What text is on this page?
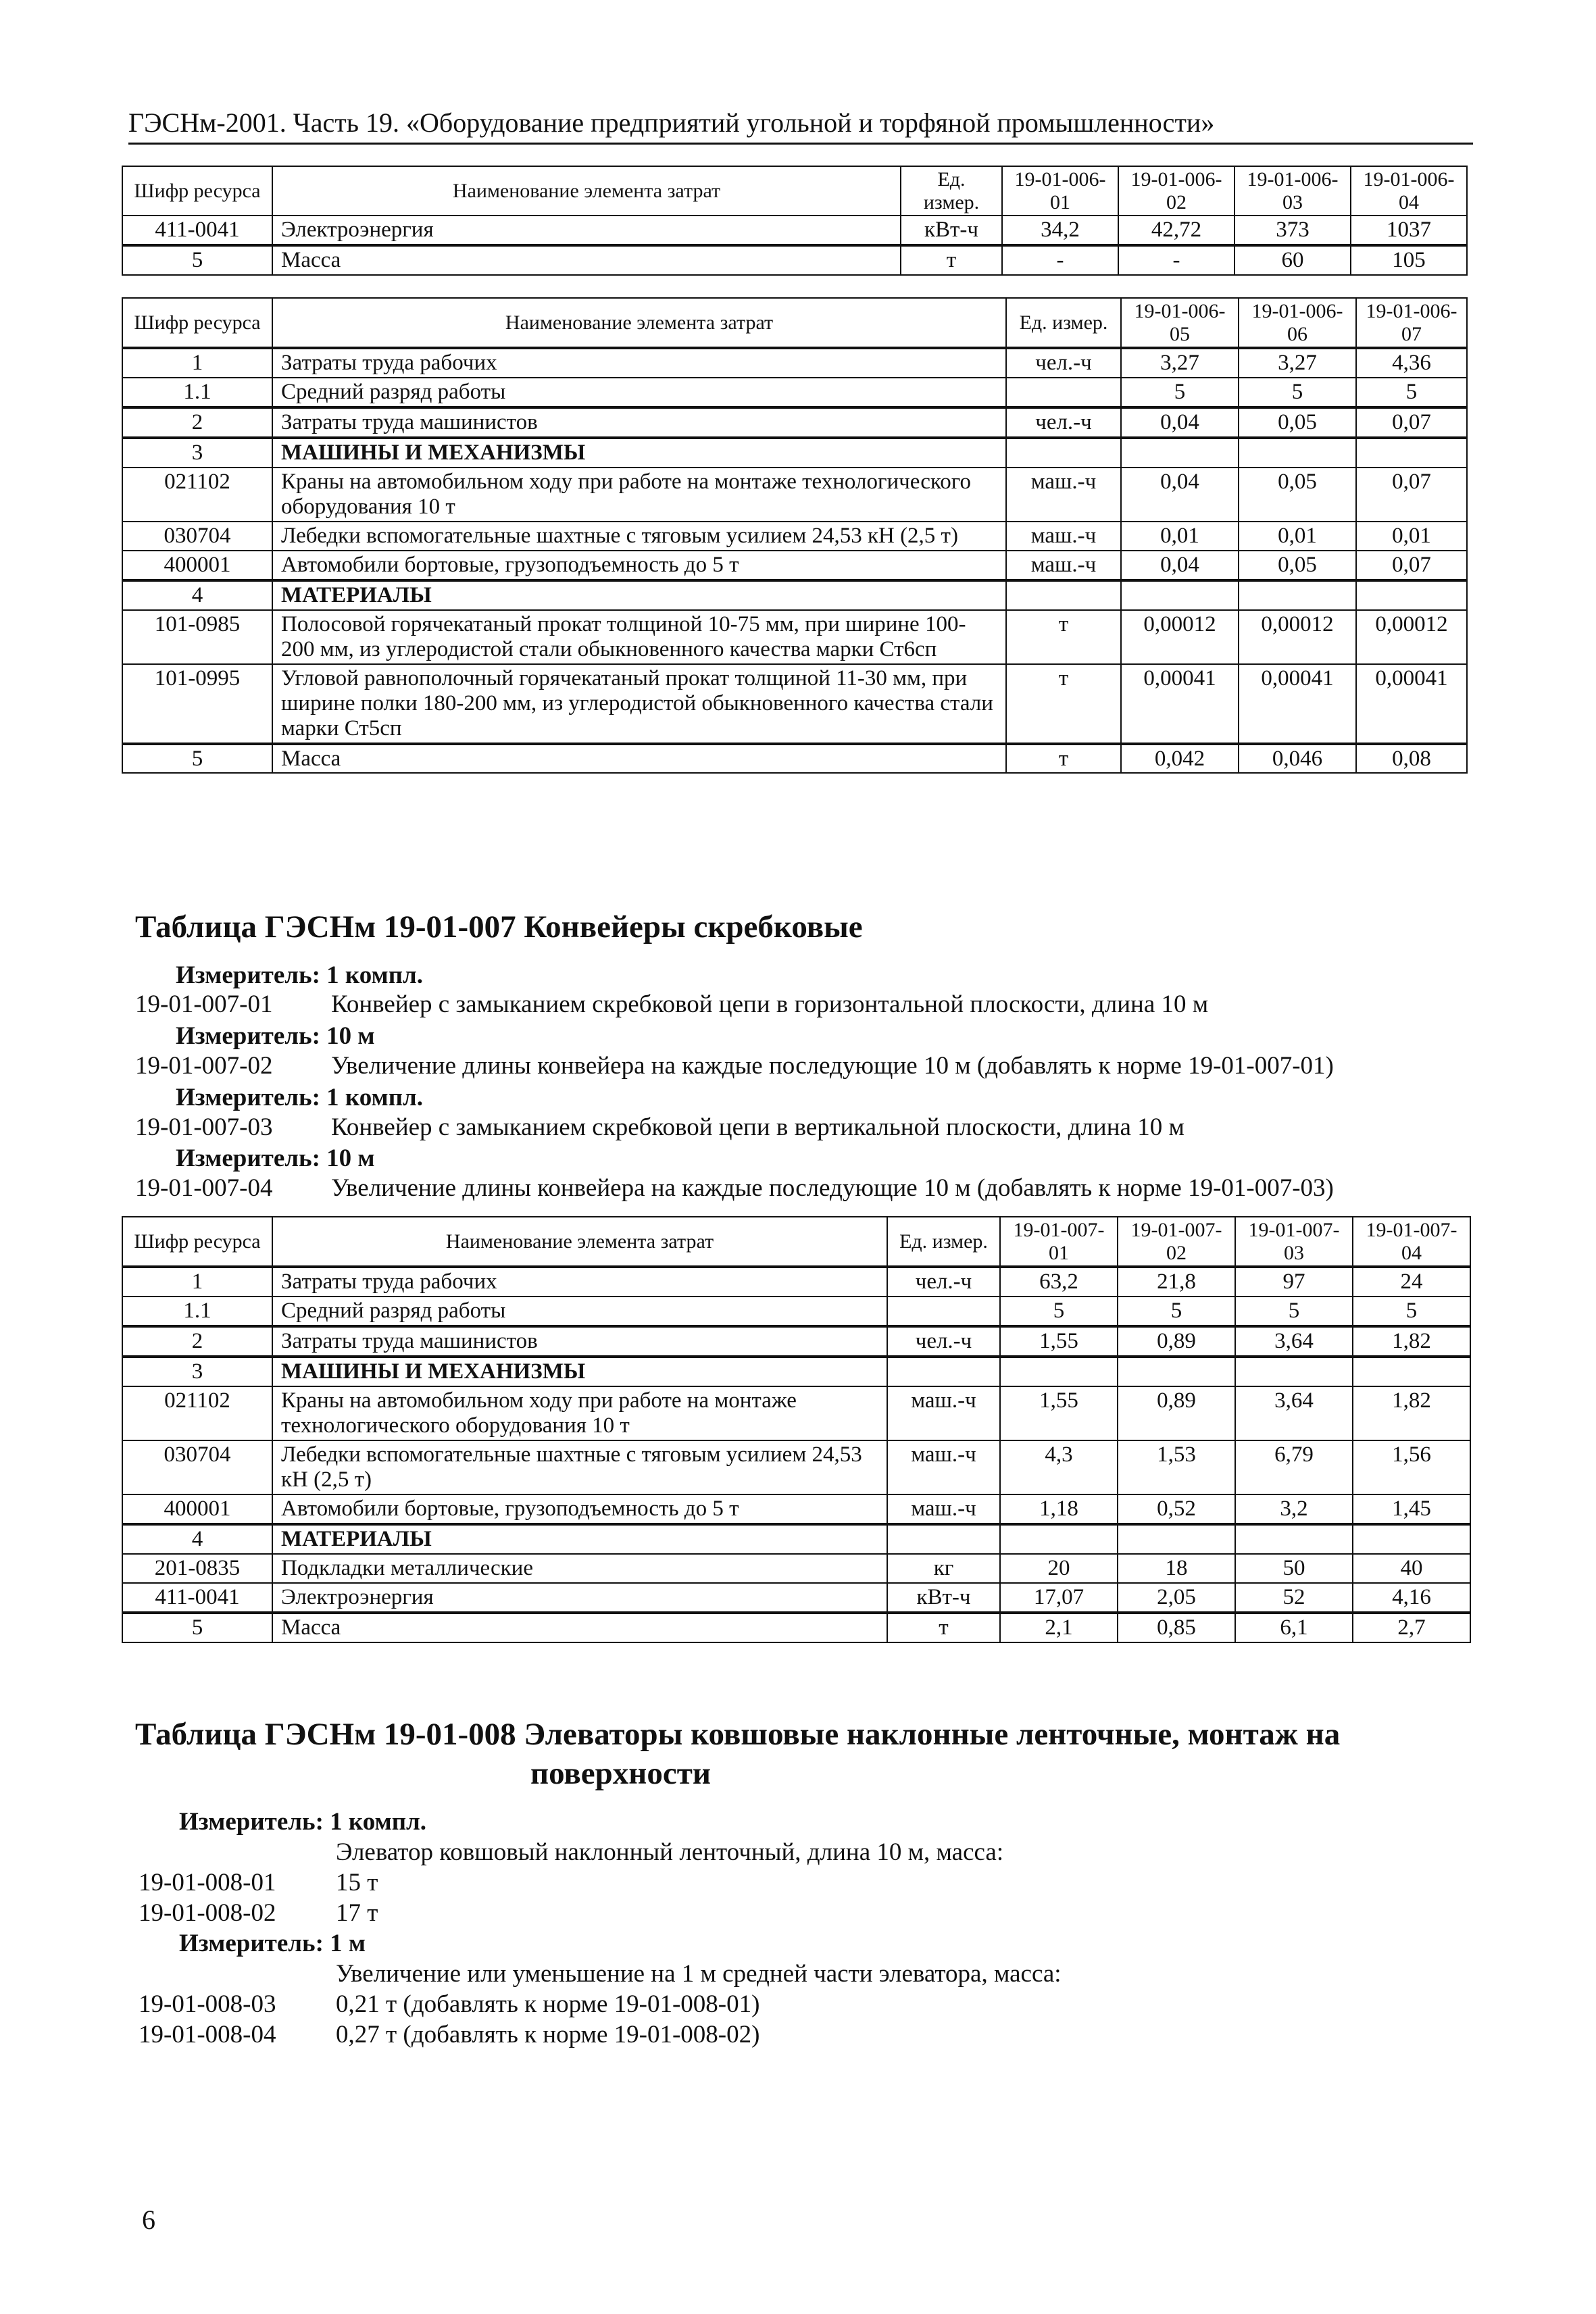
ГЭСНм-2001. Часть 19. «Оборудование предприятий угольной и торфяной промышленности»
Шифр ресурса	Наименование элемента затрат	Ед. измер.	19-01-006-01	19-01-006-02	19-01-006-03	19-01-006-04
411-0041	Электроэнергия	кВт-ч	34,2	42,72	373	1037
5	Масса	т	-	-	60	105
Шифр ресурса	Наименование элемента затрат	Ед. измер.	19-01-006-05	19-01-006-06	19-01-006-07
1	Затраты труда рабочих	чел.-ч	3,27	3,27	4,36
1.1	Средний разряд работы		5	5	5
2	Затраты труда машинистов	чел.-ч	0,04	0,05	0,07
3	МАШИНЫ И МЕХАНИЗМЫ				
021102	Краны на автомобильном ходу при работе на монтаже технологического оборудования 10 т	маш.-ч	0,04	0,05	0,07
030704	Лебедки вспомогательные шахтные с тяговым усилием 24,53 кН (2,5 т)	маш.-ч	0,01	0,01	0,01
400001	Автомобили бортовые, грузоподъемность до 5 т	маш.-ч	0,04	0,05	0,07
4	МАТЕРИАЛЫ				
101-0985	Полосовой горячекатаный прокат толщиной 10-75 мм, при ширине 100-200 мм, из углеродистой стали обыкновенного качества марки Ст6сп	т	0,00012	0,00012	0,00012
101-0995	Угловой равнополочный горячекатаный прокат толщиной 11-30 мм, при ширине полки 180-200 мм, из углеродистой обыкновенного качества стали марки Ст5сп	т	0,00041	0,00041	0,00041
5	Масса	т	0,042	0,046	0,08
Таблица ГЭСНм 19-01-007 Конвейеры скребковые
Измеритель: 1 компл.
19-01-007-01 Конвейер с замыканием скребковой цепи в горизонтальной плоскости, длина 10 м
Измеритель: 10 м
19-01-007-02 Увеличение длины конвейера на каждые последующие 10 м (добавлять к норме 19-01-007-01)
Измеритель: 1 компл.
19-01-007-03 Конвейер с замыканием скребковой цепи в вертикальной плоскости, длина 10 м
Измеритель: 10 м
19-01-007-04 Увеличение длины конвейера на каждые последующие 10 м (добавлять к норме 19-01-007-03)
Шифр ресурса	Наименование элемента затрат	Ед. измер.	19-01-007-01	19-01-007-02	19-01-007-03	19-01-007-04
1	Затраты труда рабочих	чел.-ч	63,2	21,8	97	24
1.1	Средний разряд работы		5	5	5	5
2	Затраты труда машинистов	чел.-ч	1,55	0,89	3,64	1,82
3	МАШИНЫ И МЕХАНИЗМЫ					
021102	Краны на автомобильном ходу при работе на монтаже технологического оборудования 10 т	маш.-ч	1,55	0,89	3,64	1,82
030704	Лебедки вспомогательные шахтные с тяговым усилием 24,53 кН (2,5 т)	маш.-ч	4,3	1,53	6,79	1,56
400001	Автомобили бортовые, грузоподъемность до 5 т	маш.-ч	1,18	0,52	3,2	1,45
4	МАТЕРИАЛЫ					
201-0835	Подкладки металлические	кг	20	18	50	40
411-0041	Электроэнергия	кВт-ч	17,07	2,05	52	4,16
5	Масса	т	2,1	0,85	6,1	2,7
Таблица ГЭСНм 19-01-008 Элеваторы ковшовые наклонные ленточные, монтаж на
поверхности
Измеритель: 1 компл.
Элеватор ковшовый наклонный ленточный, длина 10 м, масса:
19-01-008-01 15 т
19-01-008-02 17 т
Измеритель: 1 м
Увеличение или уменьшение на 1 м средней части элеватора, масса:
19-01-008-03 0,21 т (добавлять к норме 19-01-008-01)
19-01-008-04 0,27 т (добавлять к норме 19-01-008-02)
6
